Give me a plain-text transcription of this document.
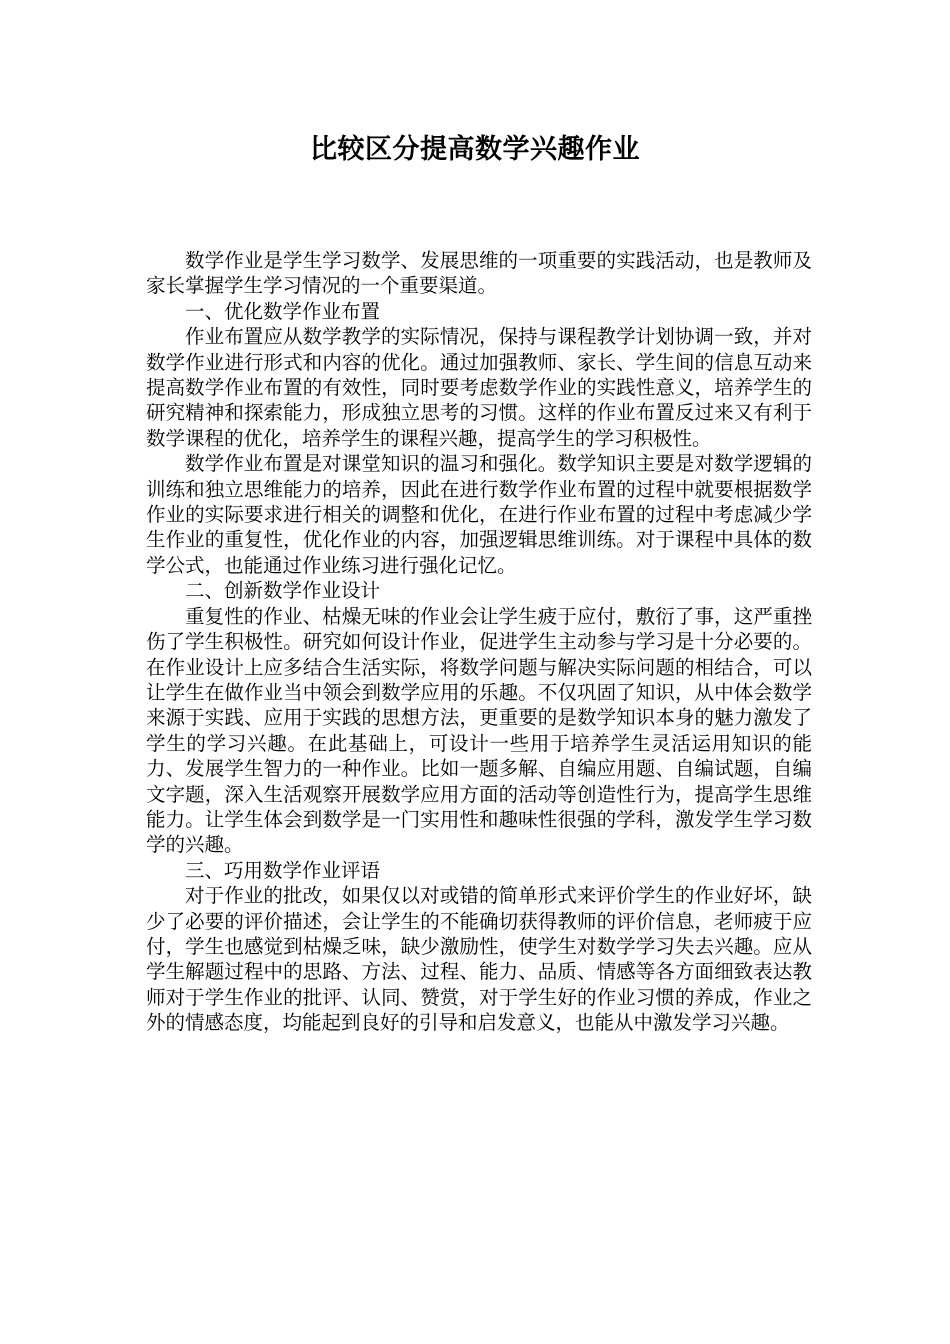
比较区分提高数学兴趣作业

数学作业是学生学习数学、发展思维的一项重要的实践活动，也是教师及家长掌握学生学习情况的一个重要渠道。

一、优化数学作业布置

作业布置应从数学教学的实际情况，保持与课程教学计划协调一致，并对数学作业进行形式和内容的优化。通过加强教师、家长、学生间的信息互动来提高数学作业布置的有效性，同时要考虑数学作业的实践性意义，培养学生的研究精神和探索能力，形成独立思考的习惯。这样的作业布置反过来又有利于数学课程的优化，培养学生的课程兴趣，提高学生的学习积极性。

数学作业布置是对课堂知识的温习和强化。数学知识主要是对数学逻辑的训练和独立思维能力的培养，因此在进行数学作业布置的过程中就要根据数学作业的实际要求进行相关的调整和优化，在进行作业布置的过程中考虑减少学生作业的重复性，优化作业的内容，加强逻辑思维训练。对于课程中具体的数学公式，也能通过作业练习进行强化记忆。

二、创新数学作业设计

重复性的作业、枯燥无味的作业会让学生疲于应付，敷衍了事，这严重挫伤了学生积极性。研究如何设计作业，促进学生主动参与学习是十分必要的。在作业设计上应多结合生活实际，将数学问题与解决实际问题的相结合，可以让学生在做作业当中领会到数学应用的乐趣。不仅巩固了知识，从中体会数学来源于实践、应用于实践的思想方法，更重要的是数学知识本身的魅力激发了学生的学习兴趣。在此基础上，可设计一些用于培养学生灵活运用知识的能力、发展学生智力的一种作业。比如一题多解、自编应用题、自编试题，自编文字题，深入生活观察开展数学应用方面的活动等创造性行为，提高学生思维能力。让学生体会到数学是一门实用性和趣味性很强的学科，激发学生学习数学的兴趣。

三、巧用数学作业评语

对于作业的批改，如果仅以对或错的简单形式来评价学生的作业好坏，缺少了必要的评价描述，会让学生的不能确切获得教师的评价信息，老师疲于应付，学生也感觉到枯燥乏味，缺少激励性，使学生对数学学习失去兴趣。应从学生解题过程中的思路、方法、过程、能力、品质、情感等各方面细致表达教师对于学生作业的批评、认同、赞赏，对于学生好的作业习惯的养成，作业之外的情感态度，均能起到良好的引导和启发意义，也能从中激发学习兴趣。
